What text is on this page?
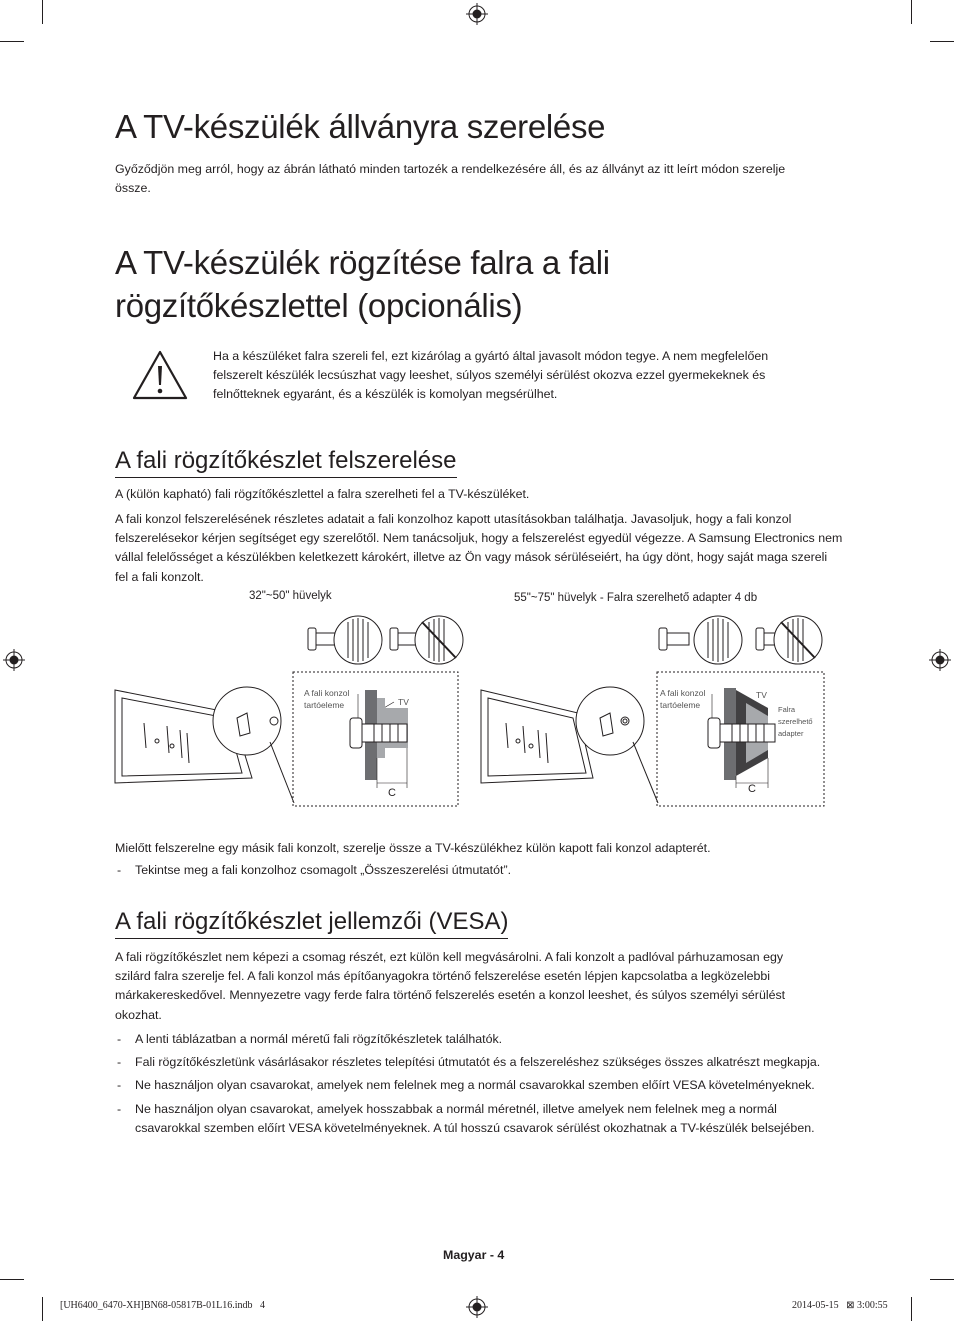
A TV-készülék állványra szerelése

Győződjön meg arról, hogy az ábrán látható minden tartozék a rendelkezésére áll, és az állványt az itt leírt módon szerelje össze.

A TV-készülék rögzítése falra a fali
rögzítőkészlettel (opcionális)

Ha a készüléket falra szereli fel, ezt kizárólag a gyártó által javasolt módon tegye. A nem megfelelően felszerelt készülék lecsúszhat vagy leeshet, súlyos személyi sérülést okozva ezzel gyermekeknek és felnőtteknek egyaránt, és a készülék is komolyan megsérülhet.

A fali rögzítőkészlet felszerelése

A (külön kapható) fali rögzítőkészlettel a falra szerelheti fel a TV-készüléket.

A fali konzol felszerelésének részletes adatait a fali konzolhoz kapott utasításokban találhatja. Javasoljuk, hogy a fali konzol felszerelésekor kérjen segítséget egy szerelőtől. Nem tanácsoljuk, hogy a felszerelést egyedül végezze. A Samsung Electronics nem vállal felelősséget a készülékben keletkezett károkért, illetve az Ön vagy mások sérüléseiért, ha úgy dönt, hogy saját maga szereli fel a fali konzolt.

32"~50" hüvelyk
A fali konzol
tartóeleme	TV
C
55"~75" hüvelyk - Falra szerelhető adapter 4 db
A fali konzol
tartóeleme
TV
Falra
szerelhető
adapter
C

Mielőtt felszerelne egy másik fali konzolt, szerelje össze a TV-készülékhez külön kapott fali konzol adapterét.

- Tekintse meg a fali konzolhoz csomagolt „Összeszerelési útmutatót”.

A fali rögzítőkészlet jellemzői (VESA)

A fali rögzítőkészlet nem képezi a csomag részét, ezt külön kell megvásárolni. A fali konzolt a padlóval párhuzamosan egy szilárd falra szerelje fel. A fali konzol más építőanyagokra történő felszerelése esetén lépjen kapcsolatba a legközelebbi márkakereskedővel. Mennyezetre vagy ferde falra történő felszerelés esetén a konzol leeshet, és súlyos személyi sérülést okozhat.

- A lenti táblázatban a normál méretű fali rögzítőkészletek találhatók.

- Fali rögzítőkészletünk vásárlásakor részletes telepítési útmutatót és a felszereléshez szükséges összes alkatrészt megkapja.

- Ne használjon olyan csavarokat, amelyek nem felelnek meg a normál csavarokkal szemben előírt VESA követelményeknek.

- Ne használjon olyan csavarokat, amelyek hosszabbak a normál méretnél, illetve amelyek nem felelnek meg a normál csavarokkal szemben előírt VESA követelményeknek. A túl hosszú csavarok sérülést okozhatnak a TV-készülék belsejében.

Magyar - 4
[UH6400_6470-XH]BN68-05817B-01L16.indb   4	2014-05-15   ⊠ 3:00:55
